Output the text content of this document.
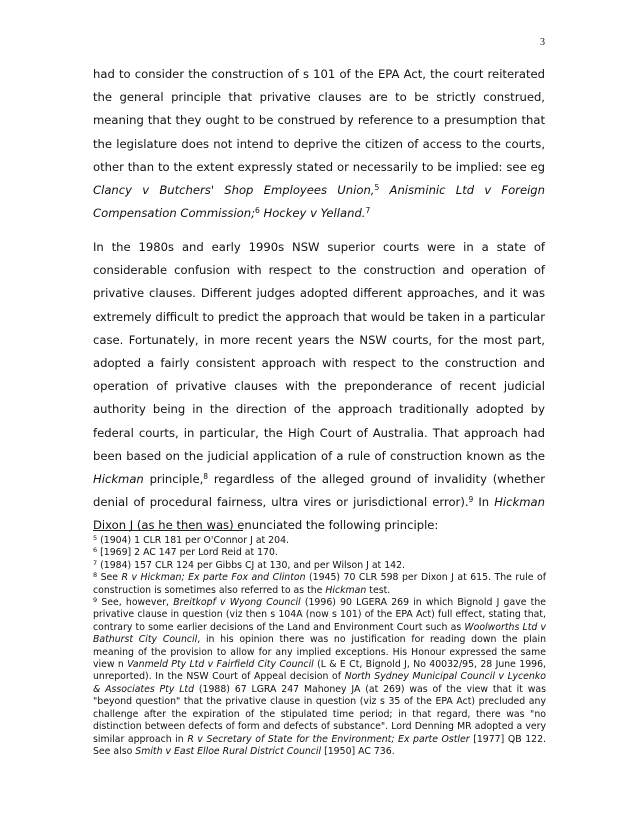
3

had to consider the construction of s 101 of the EPA Act, the court reiterated the general principle that privative clauses are to be strictly construed, meaning that they ought to be construed by reference to a presumption that the legislature does not intend to deprive the citizen of access to the courts, other than to the extent expressly stated or necessarily to be implied: see eg Clancy v Butchers' Shop Employees Union,$^5$ Anisminic Ltd v Foreign Compensation Commission;$^6$ Hockey v Yelland.$^7$

In the 1980s and early 1990s NSW superior courts were in a state of considerable confusion with respect to the construction and operation of privative clauses. Different judges adopted different approaches, and it was extremely difficult to predict the approach that would be taken in a particular case. Fortunately, in more recent years the NSW courts, for the most part, adopted a fairly consistent approach with respect to the construction and operation of privative clauses with the preponderance of recent judicial authority being in the direction of the approach traditionally adopted by federal courts, in particular, the High Court of Australia. That approach had been based on the judicial application of a rule of construction known as the Hickman principle,$^8$ regardless of the alleged ground of invalidity (whether denial of procedural fairness, ultra vires or jurisdictional error).$^9$ In Hickman Dixon J (as he then was) enunciated the following principle:

$^5$ (1904) 1 CLR 181 per O'Connor J at 204.

$^6$ [1969] 2 AC 147 per Lord Reid at 170.

$^7$ (1984) 157 CLR 124 per Gibbs CJ at 130, and per Wilson J at 142.

$^8$ See R v Hickman; Ex parte Fox and Clinton (1945) 70 CLR 598 per Dixon J at 615. The rule of construction is sometimes also referred to as the Hickman test.

$^9$ See, however, Breitkopf v Wyong Council (1996) 90 LGERA 269 in which Bignold J gave the privative clause in question (viz then s 104A (now s 101) of the EPA Act) full effect, stating that, contrary to some earlier decisions of the Land and Environment Court such as Woolworths Ltd v Bathurst City Council, in his opinion there was no justification for reading down the plain meaning of the provision to allow for any implied exceptions. His Honour expressed the same view n Vanmeld Pty Ltd v Fairfield City Council (L & E Ct, Bignold J, No 40032/95, 28 June 1996, unreported). In the NSW Court of Appeal decision of North Sydney Municipal Council v Lycenko & Associates Pty Ltd (1988) 67 LGRA 247 Mahoney JA (at 269) was of the view that it was "beyond question" that the privative clause in question (viz s 35 of the EPA Act) precluded any challenge after the expiration of the stipulated time period; in that regard, there was "no distinction between defects of form and defects of substance". Lord Denning MR adopted a very similar approach in R v Secretary of State for the Environment; Ex parte Ostler [1977] QB 122. See also Smith v East Elloe Rural District Council [1950] AC 736.
